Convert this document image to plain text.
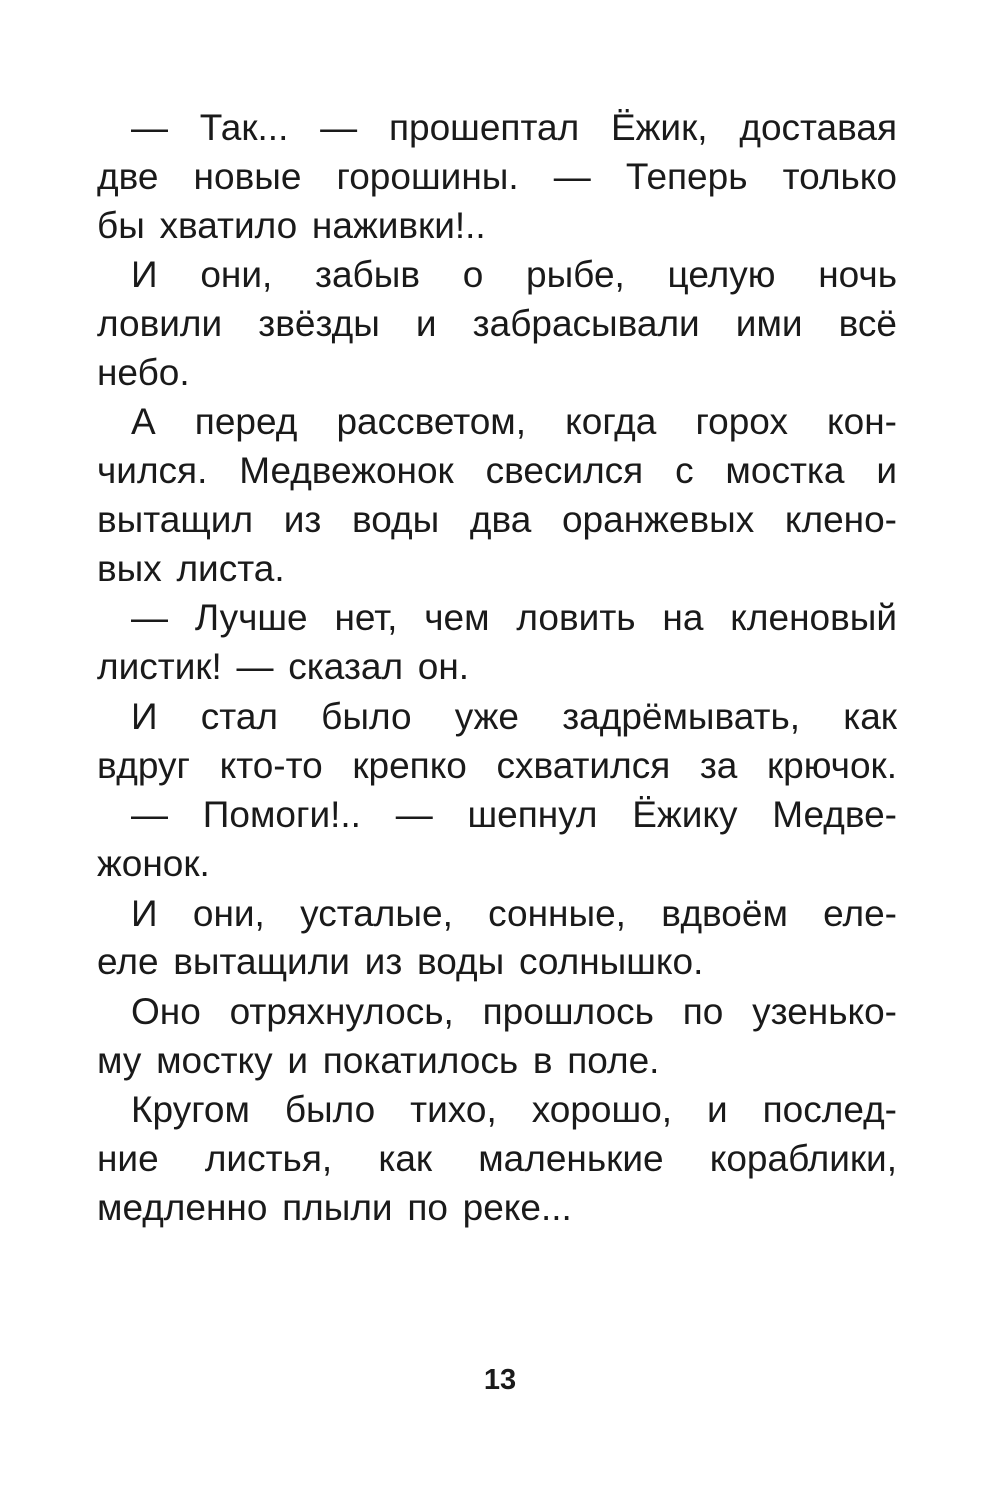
— Так... — прошептал Ёжик, доставая
две новые горошины. — Теперь только
бы хватило наживки!..
И они, забыв о рыбе, целую ночь
ловили звёзды и забрасывали ими всё
небо.
А перед рассветом, когда горох кон-
чился. Медвежонок свесился с мостка и
вытащил из воды два оранжевых клено-
вых листа.
— Лучше нет, чем ловить на кленовый
листик! — сказал он.
И стал было уже задрёмывать, как
вдруг кто-то крепко схватился за крючок.
— Помоги!.. — шепнул Ёжику Медве-
жонок.
И они, усталые, сонные, вдвоём еле-
еле вытащили из воды солнышко.
Оно отряхнулось, прошлось по узенько-
му мостку и покатилось в поле.
Кругом было тихо, хорошо, и послед-
ние листья, как маленькие кораблики,
медленно плыли по реке...
13
